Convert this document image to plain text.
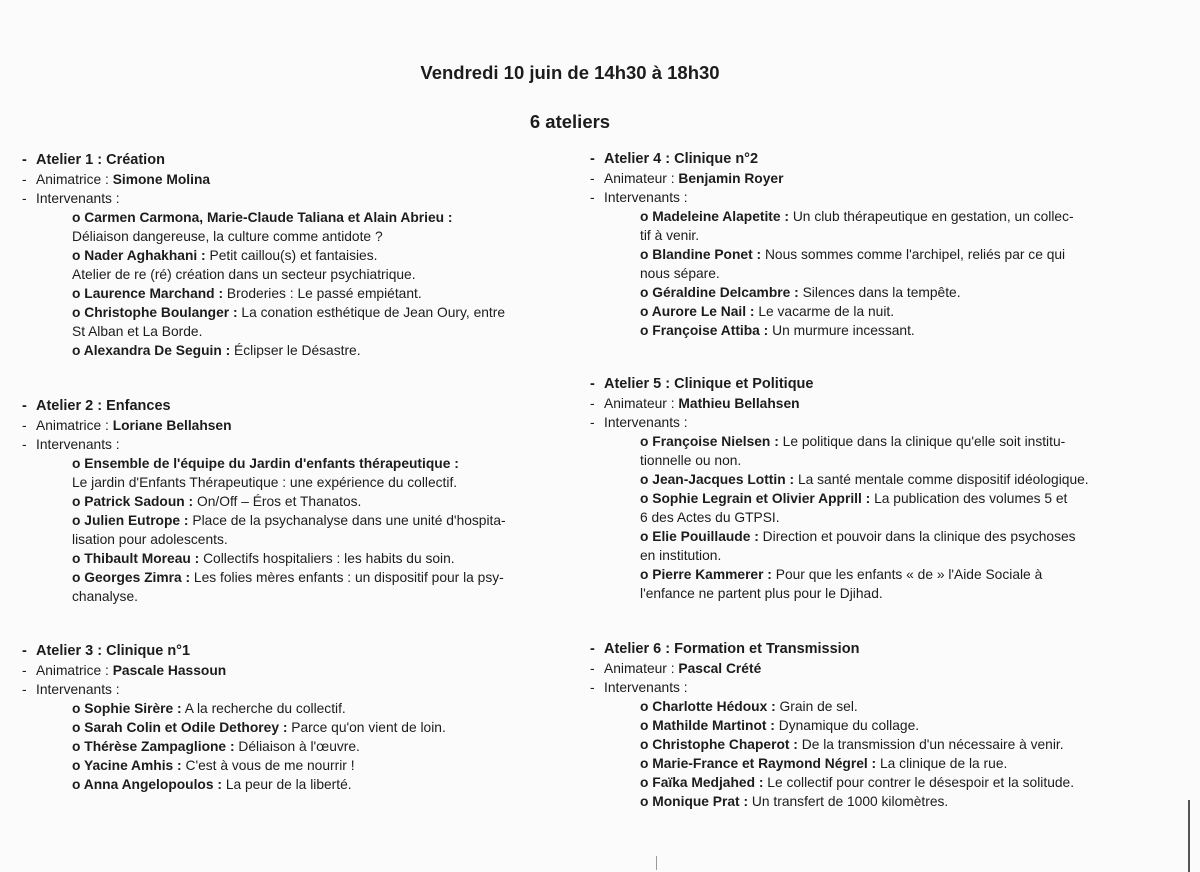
Vendredi 10 juin de 14h30 à 18h30
6 ateliers
- Atelier 1 : Création
- Animatrice : Simone Molina
- Intervenants :
o Carmen Carmona, Marie-Claude Taliana et Alain Abrieu :
Déliaison dangereuse, la culture comme antidote ?
o Nader Aghakhani : Petit caillou(s) et fantaisies.
Atelier de re (ré) création dans un secteur psychiatrique.
o Laurence Marchand : Broderies : Le passé empiétant.
o Christophe Boulanger : La conation esthétique de Jean Oury, entre
St Alban et La Borde.
o Alexandra De Seguin : Éclipser le Désastre.
- Atelier 2 : Enfances
- Animatrice : Loriane Bellahsen
- Intervenants :
o Ensemble de l'équipe du Jardin d'enfants thérapeutique :
Le jardin d'Enfants Thérapeutique : une expérience du collectif.
o Patrick Sadoun : On/Off – Éros et Thanatos.
o Julien Eutrope : Place de la psychanalyse dans une unité d'hospita-
lisation pour adolescents.
o Thibault Moreau : Collectifs hospitaliers : les habits du soin.
o Georges Zimra : Les folies mères enfants : un dispositif pour la psy-
chanalyse.
- Atelier 3 : Clinique n°1
- Animatrice : Pascale Hassoun
- Intervenants :
o Sophie Sirère : A la recherche du collectif.
o Sarah Colin et Odile Dethorey : Parce qu'on vient de loin.
o Thérèse Zampaglione : Déliaison à l'œuvre.
o Yacine Amhis : C'est à vous de me nourrir !
o Anna Angelopoulos : La peur de la liberté.
- Atelier 4 : Clinique n°2
- Animateur : Benjamin Royer
- Intervenants :
o Madeleine Alapetite : Un club thérapeutique en gestation, un collec-
tif à venir.
o Blandine Ponet : Nous sommes comme l'archipel, reliés par ce qui
nous sépare.
o Géraldine Delcambre : Silences dans la tempête.
o Aurore Le Nail : Le vacarme de la nuit.
o Françoise Attiba : Un murmure incessant.
- Atelier 5 : Clinique et Politique
- Animateur : Mathieu Bellahsen
- Intervenants :
o Françoise Nielsen : Le politique dans la clinique qu'elle soit institu-
tionnelle ou non.
o Jean-Jacques Lottin : La santé mentale comme dispositif idéologique.
o Sophie Legrain et Olivier Apprill : La publication des volumes 5 et
6 des Actes du GTPSI.
o Elie Pouillaude : Direction et pouvoir dans la clinique des psychoses
en institution.
o Pierre Kammerer : Pour que les enfants « de » l'Aide Sociale à
l'enfance ne partent plus pour le Djihad.
- Atelier 6 : Formation et Transmission
- Animateur : Pascal Crété
- Intervenants :
o Charlotte Hédoux : Grain de sel.
o Mathilde Martinot : Dynamique du collage.
o Christophe Chaperot : De la transmission d'un nécessaire à venir.
o Marie-France et Raymond Négrel : La clinique de la rue.
o Faïka Medjahed : Le collectif pour contrer le désespoir et la solitude.
o Monique Prat : Un transfert de 1000 kilomètres.
